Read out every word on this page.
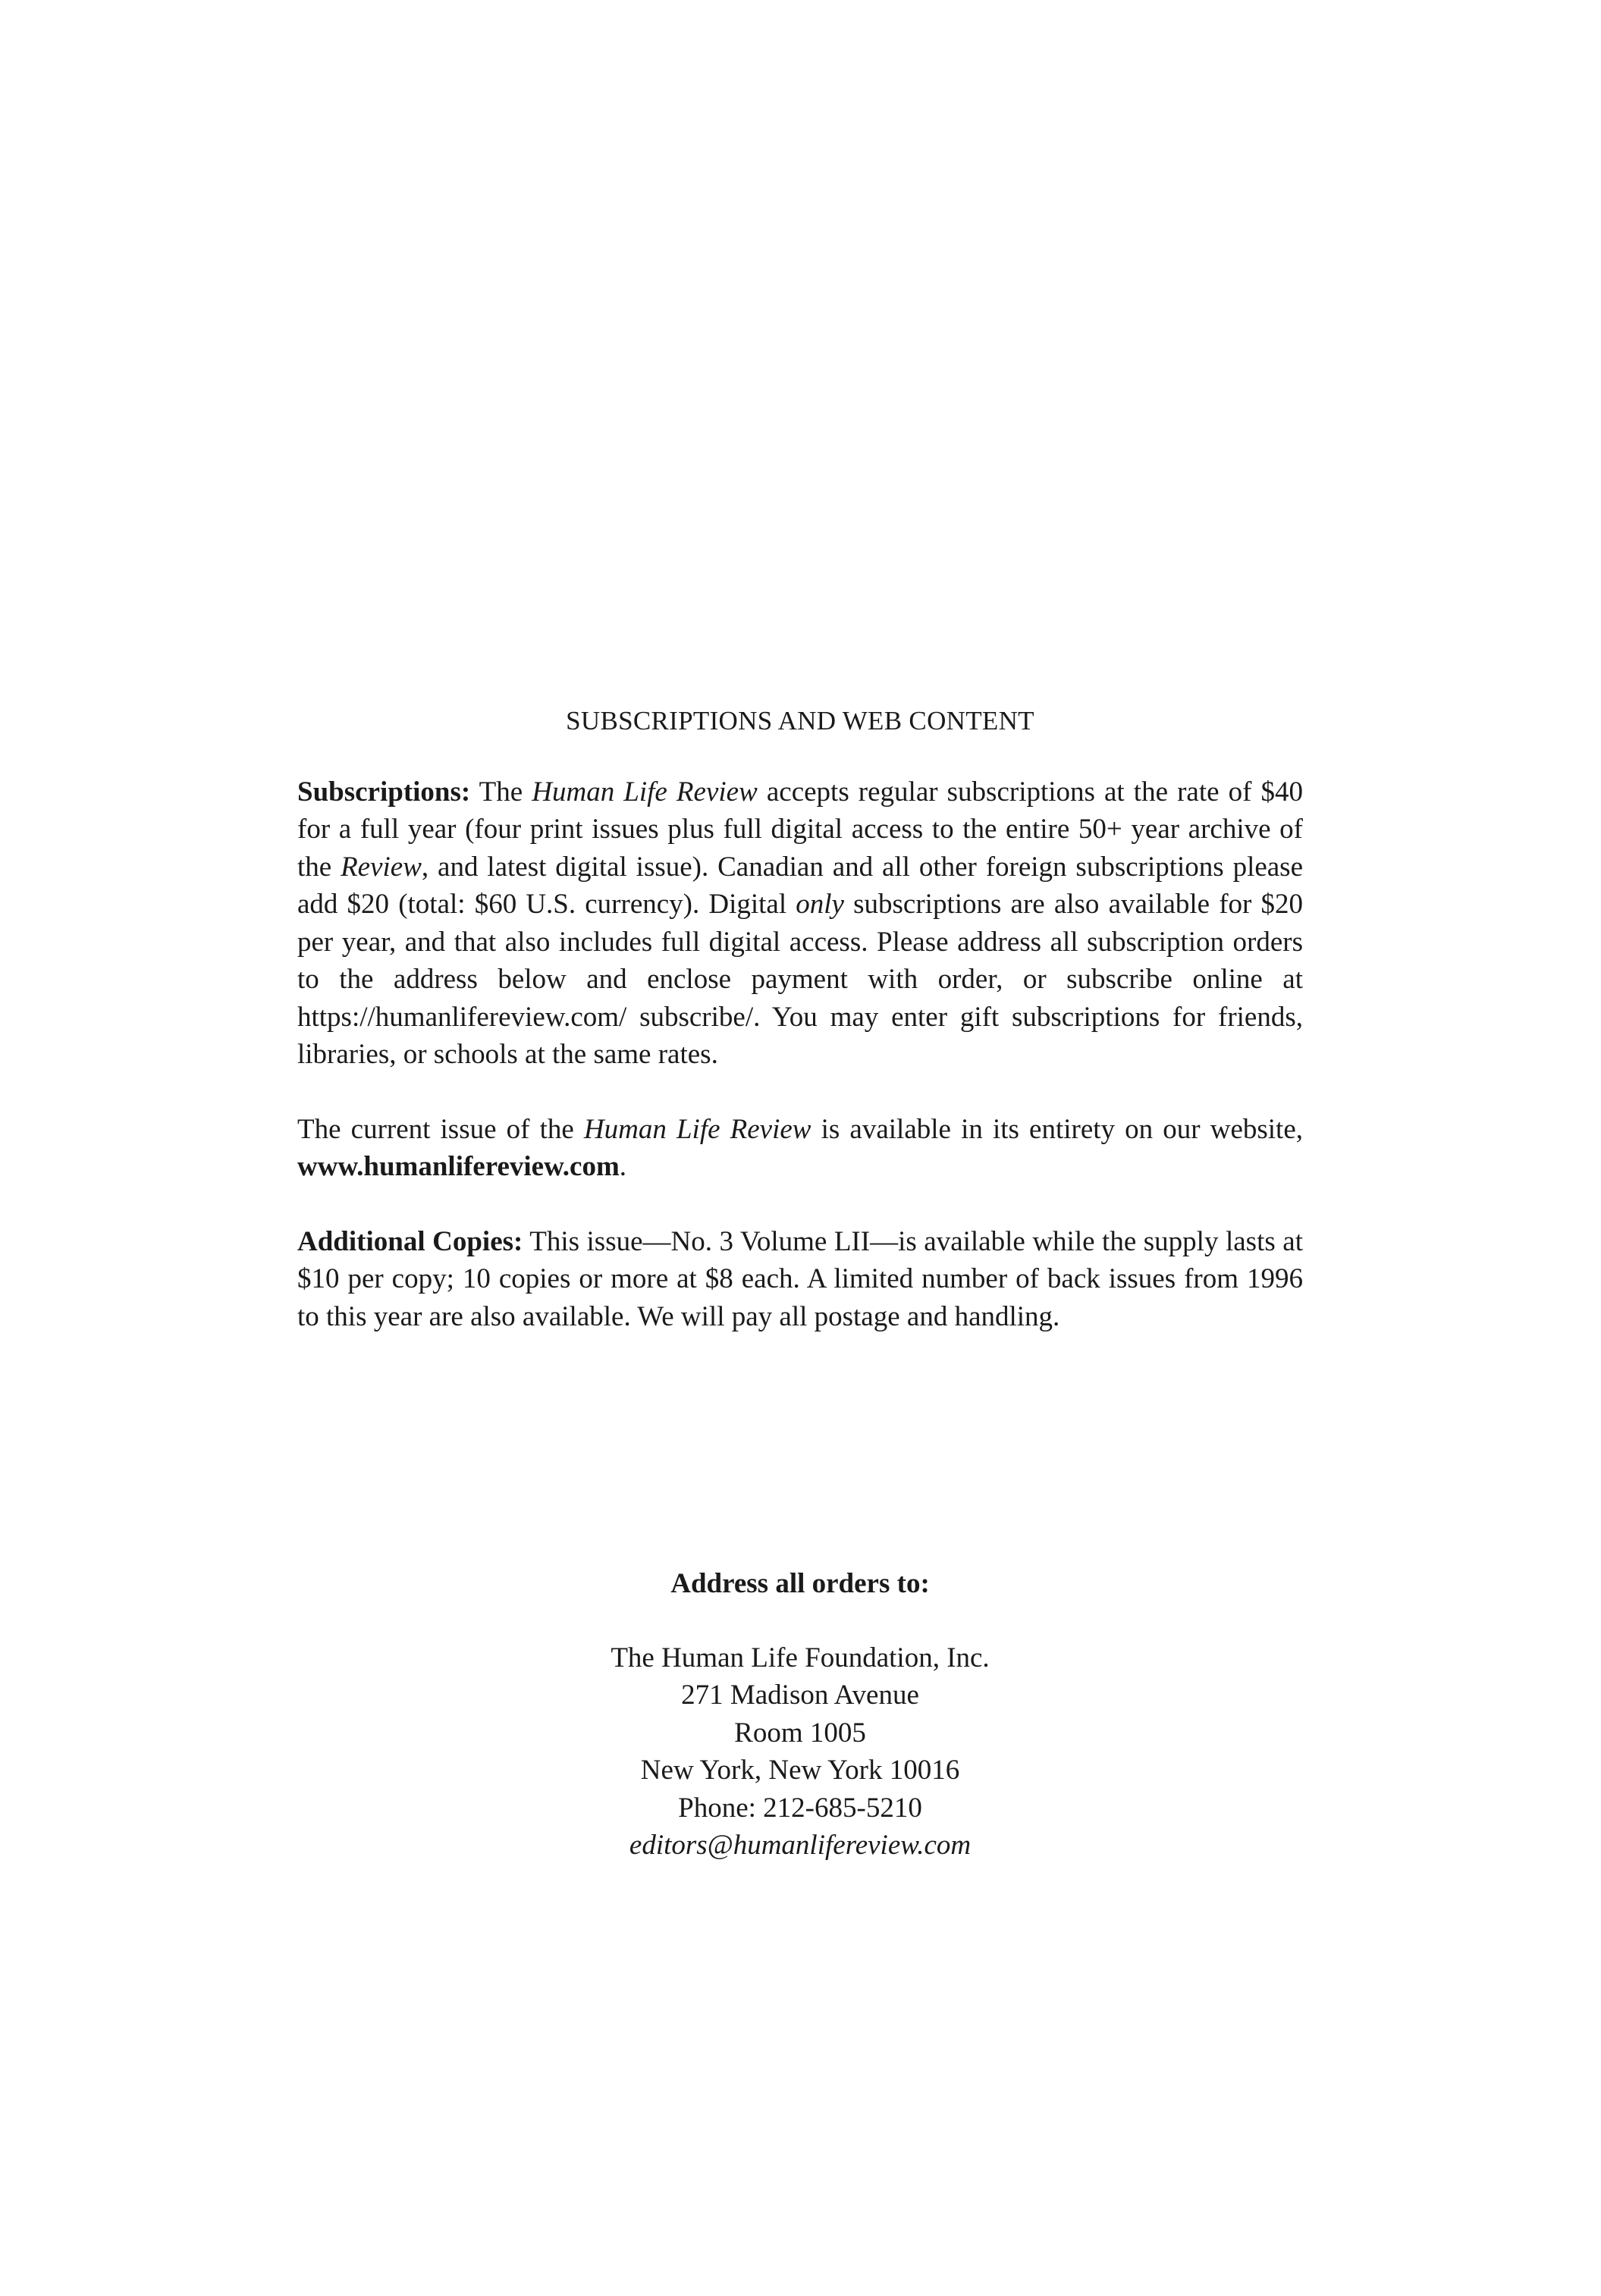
SUBSCRIPTIONS AND WEB CONTENT

Subscriptions: The Human Life Review accepts regular subscriptions at the rate of $40 for a full year (four print issues plus full digital access to the entire 50+ year archive of the Review, and latest digital issue). Canadian and all other foreign subscriptions please add $20 (total: $60 U.S. currency). Digital only subscriptions are also available for $20 per year, and that also includes full digital access. Please address all subscription orders to the address below and enclose payment with order, or subscribe online at https://humanlifereview.com/ subscribe/. You may enter gift subscriptions for friends, libraries, or schools at the same rates.

The current issue of the Human Life Review is available in its entirety on our website, www.humanlifereview.com.

Additional Copies: This issue—No. 3 Volume LII—is available while the supply lasts at $10 per copy; 10 copies or more at $8 each. A limited number of back issues from 1996 to this year are also available. We will pay all postage and handling.

Address all orders to:
The Human Life Foundation, Inc.
271 Madison Avenue
Room 1005
New York, New York 10016
Phone: 212-685-5210
editors@humanlifereview.com
